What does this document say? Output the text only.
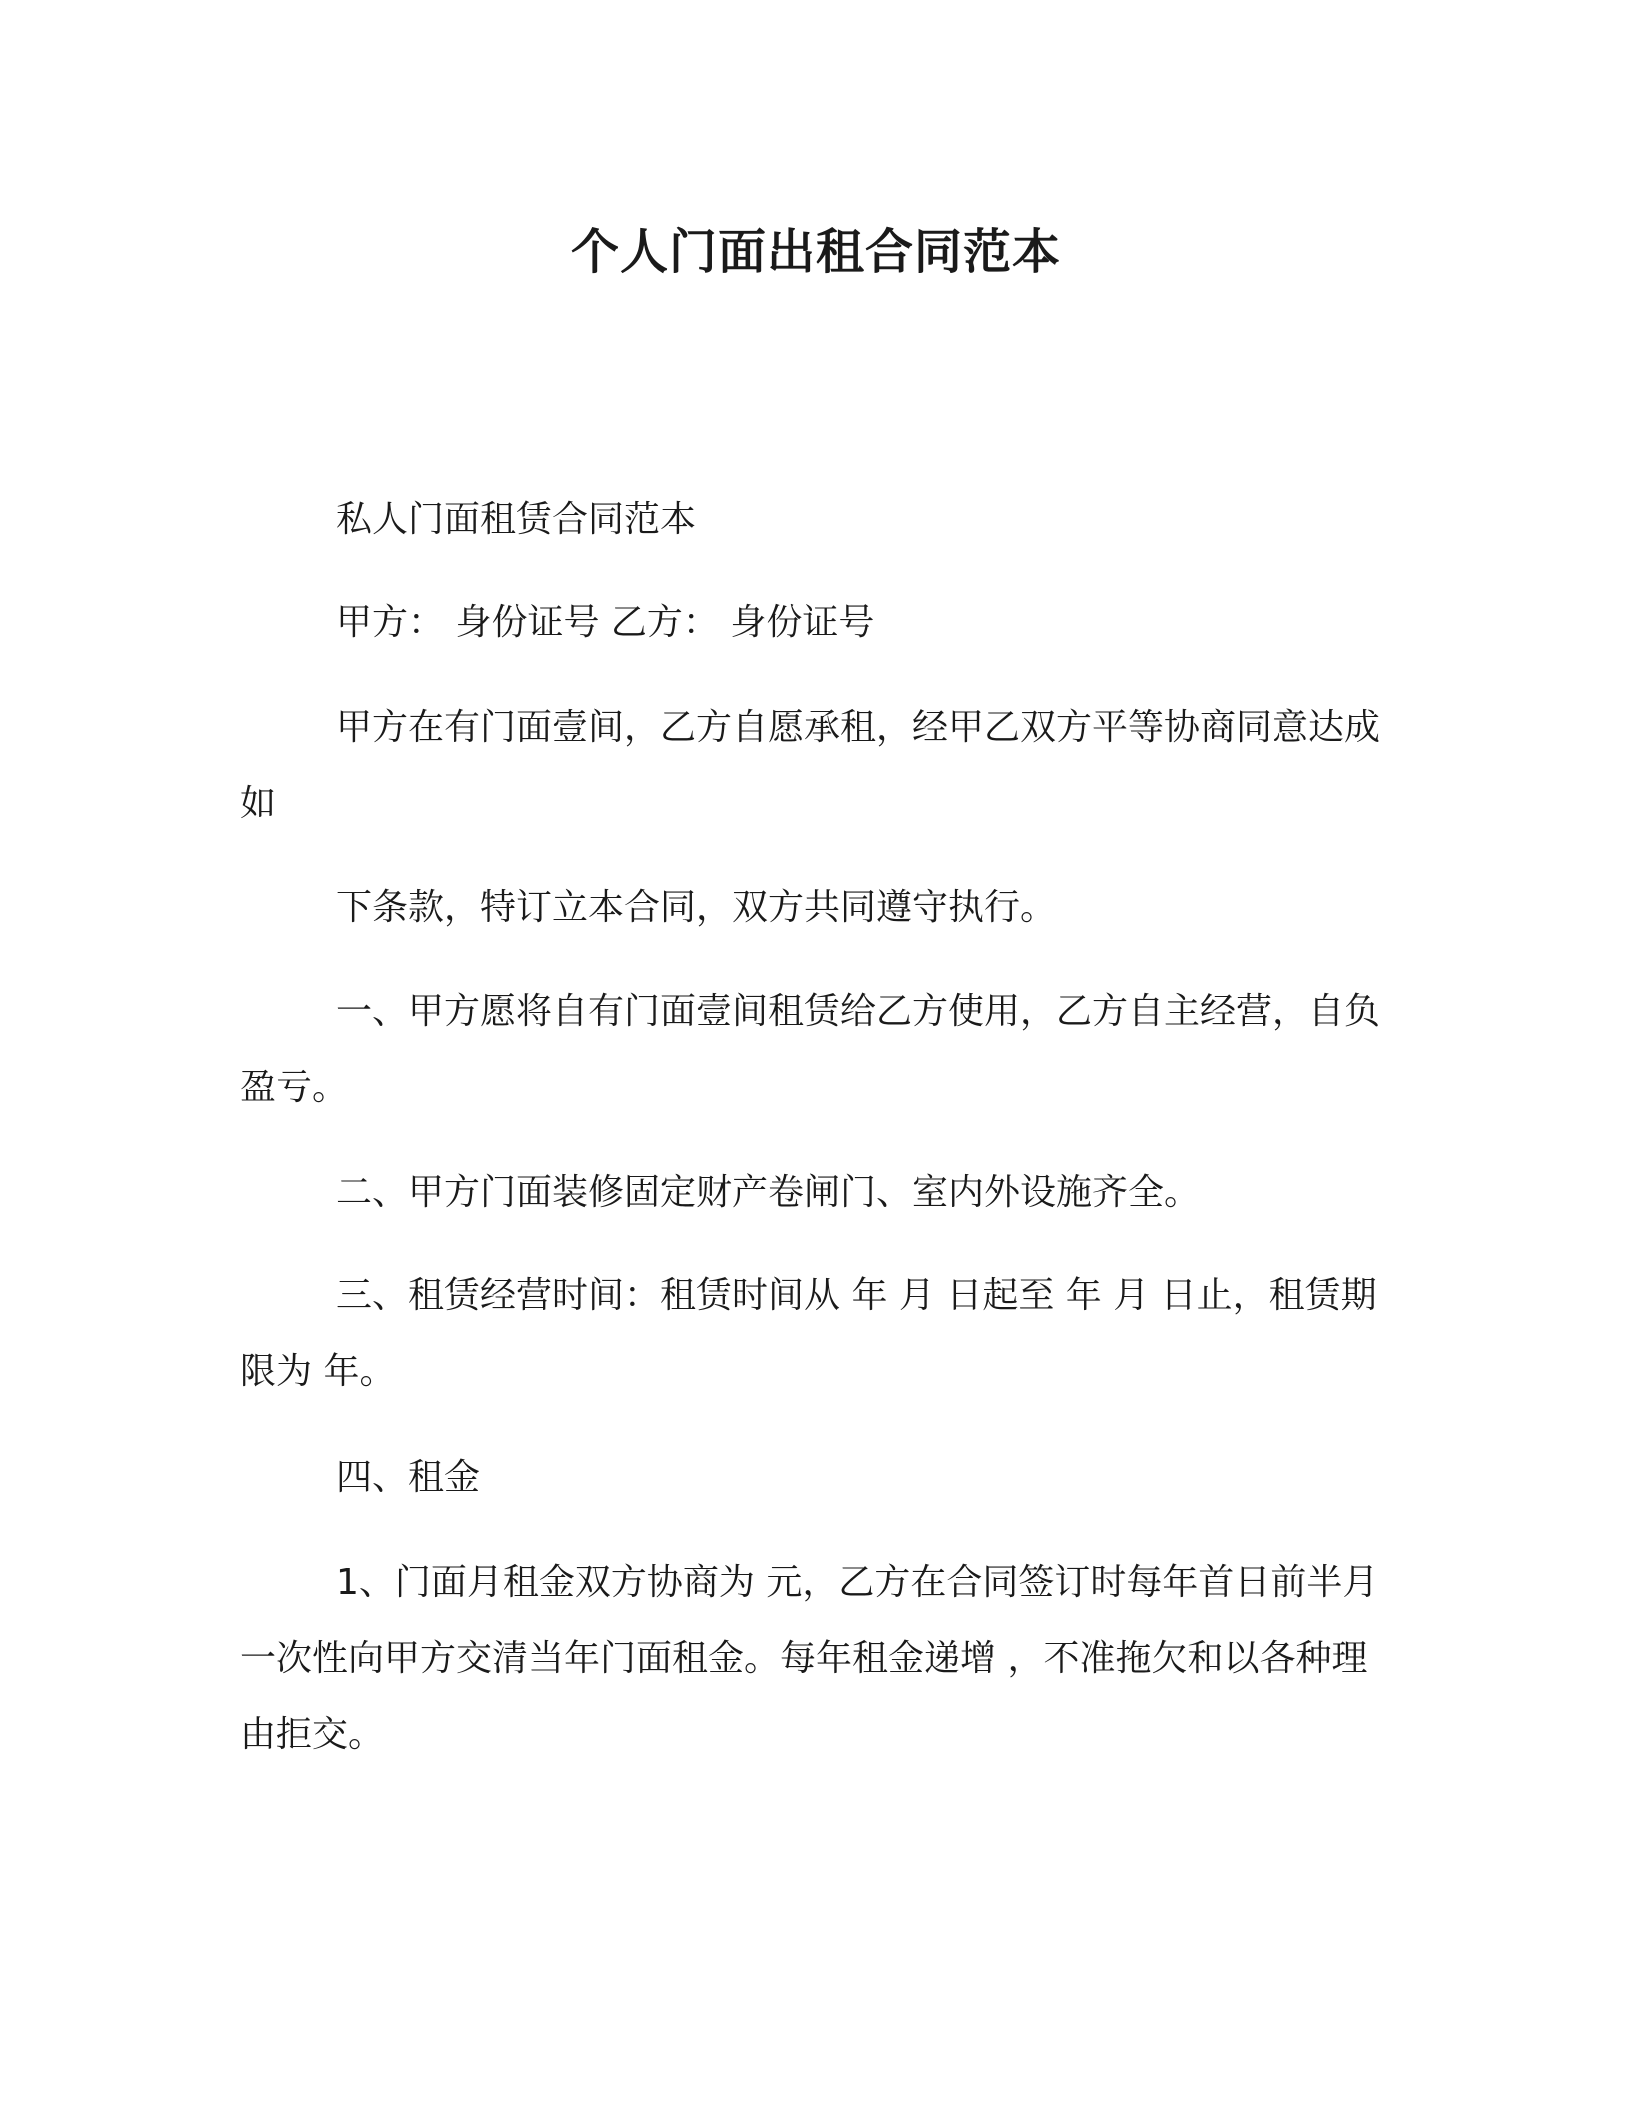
个人门面出租合同范本

私人门面租赁合同范本

甲方： 身份证号 乙方： 身份证号

甲方在有门面壹间，乙方自愿承租，经甲乙双方平等协商同意达成如

下条款，特订立本合同，双方共同遵守执行。

一、甲方愿将自有门面壹间租赁给乙方使用，乙方自主经营，自负盈亏。

二、甲方门面装修固定财产卷闸门、室内外设施齐全。

三、租赁经营时间：租赁时间从 年 月 日起至 年 月 日止，租赁期限为 年。

四、租金

1、门面月租金双方协商为 元，乙方在合同签订时每年首日前半月一次性向甲方交清当年门面租金。每年租金递增 ，不准拖欠和以各种理由拒交。
